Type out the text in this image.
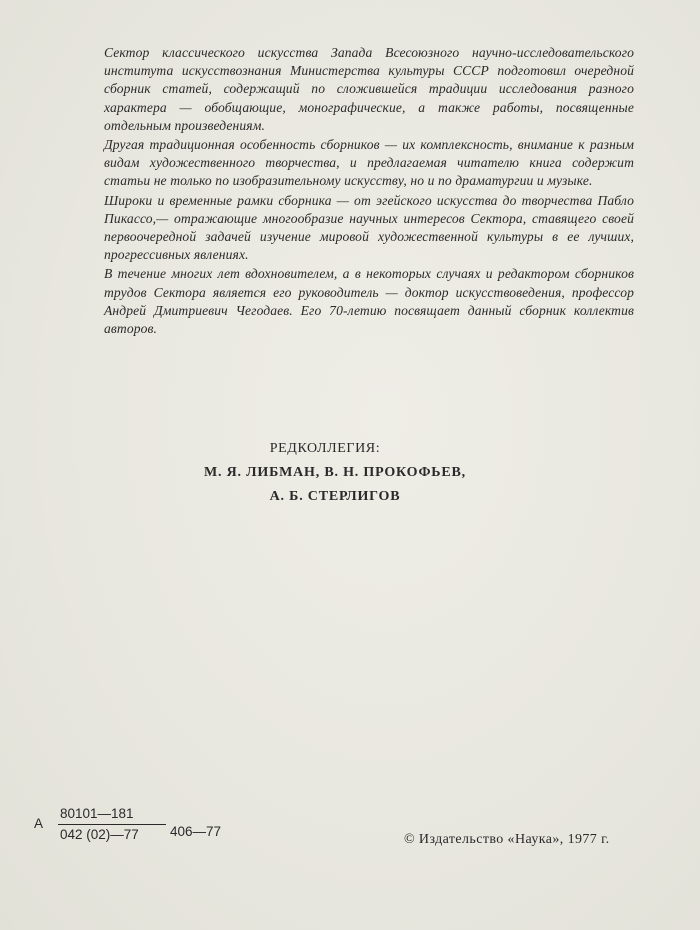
Сектор классического искусства Запада Всесоюзного научно-исследовательского института искусствознания Министерства культуры СССР подготовил очередной сборник статей, содержащий по сложившейся традиции исследования разного характера — обобщающие, монографические, а также работы, посвященные отдельным произведениям.

Другая традиционная особенность сборников — их комплексность, внимание к разным видам художественного творчества, и предлагаемая читателю книга содержит статьи не только по изобразительному искусству, но и по драматургии и музыке.

Широки и временные рамки сборника — от эгейского искусства до творчества Пабло Пикассо,— отражающие многообразие научных интересов Сектора, ставящего своей первоочередной задачей изучение мировой художественной культуры в ее лучших, прогрессивных явлениях.

В течение многих лет вдохновителем, а в некоторых случаях и редактором сборников трудов Сектора является его руководитель — доктор искусствоведения, профессор Андрей Дмитриевич Чегодаев. Его 70-летию посвящает данный сборник коллектив авторов.

РЕДКОЛЛЕГИЯ:
М. Я. ЛИБМАН, В. Н. ПРОКОФЬЕВ,
А. Б. СТЕРЛИГОВ
А
80101—181
042 (02)—77	406—77
© Издательство «Наука», 1977 г.
